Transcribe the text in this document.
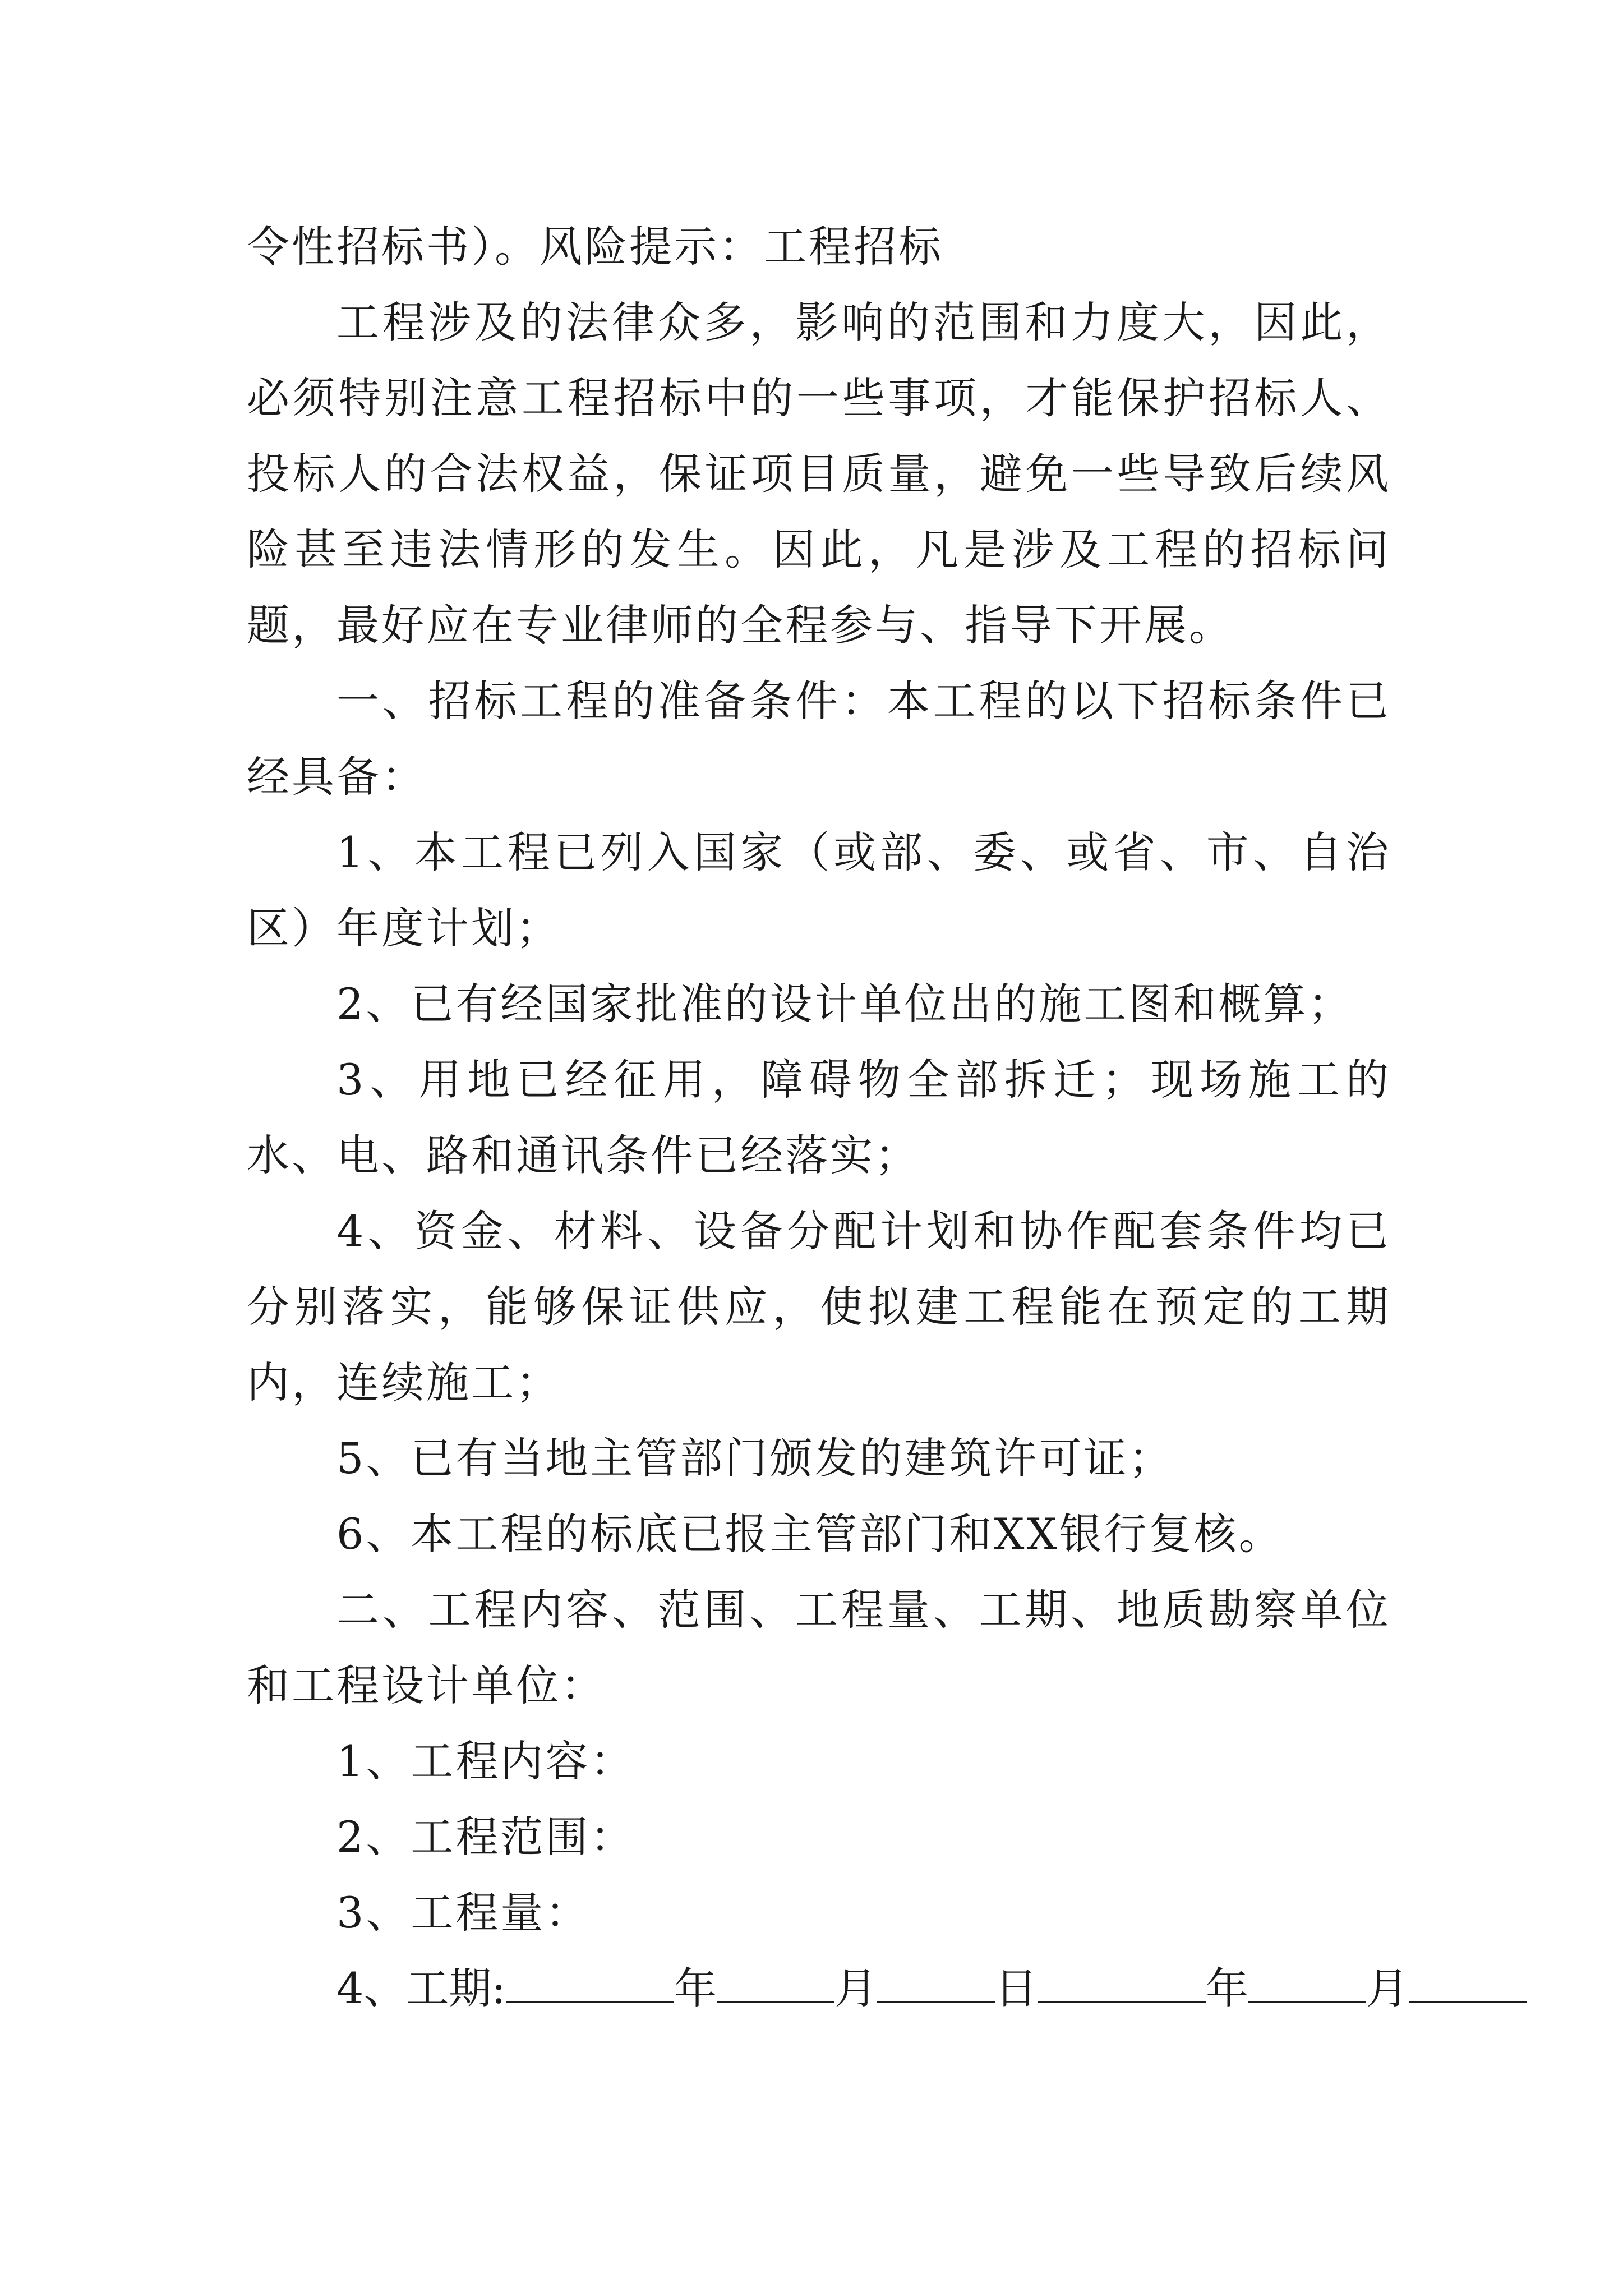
令性招标书）。风险提示：工程招标

工程涉及的法律众多，影响的范围和力度大，因此，必须特别注意工程招标中的一些事项，才能保护招标人、投标人的合法权益，保证项目质量，避免一些导致后续风险甚至违法情形的发生。因此，凡是涉及工程的招标问题，最好应在专业律师的全程参与、指导下开展。

一、招标工程的准备条件：本工程的以下招标条件已经具备：

1、本工程已列入国家（或部、委、或省、市、自治区）年度计划；

2、已有经国家批准的设计单位出的施工图和概算；

3、用地已经征用，障碍物全部拆迁；现场施工的水、电、路和通讯条件已经落实；

4、资金、材料、设备分配计划和协作配套条件均已分别落实，能够保证供应，使拟建工程能在预定的工期内，连续施工；

5、已有当地主管部门颁发的建筑许可证；

6、本工程的标底已报主管部门和XX银行复核。

二、工程内容、范围、工程量、工期、地质勘察单位和工程设计单位：

1、工程内容：

2、工程范围：

3、工程量：

4、工期:	年	月	日	年	月
